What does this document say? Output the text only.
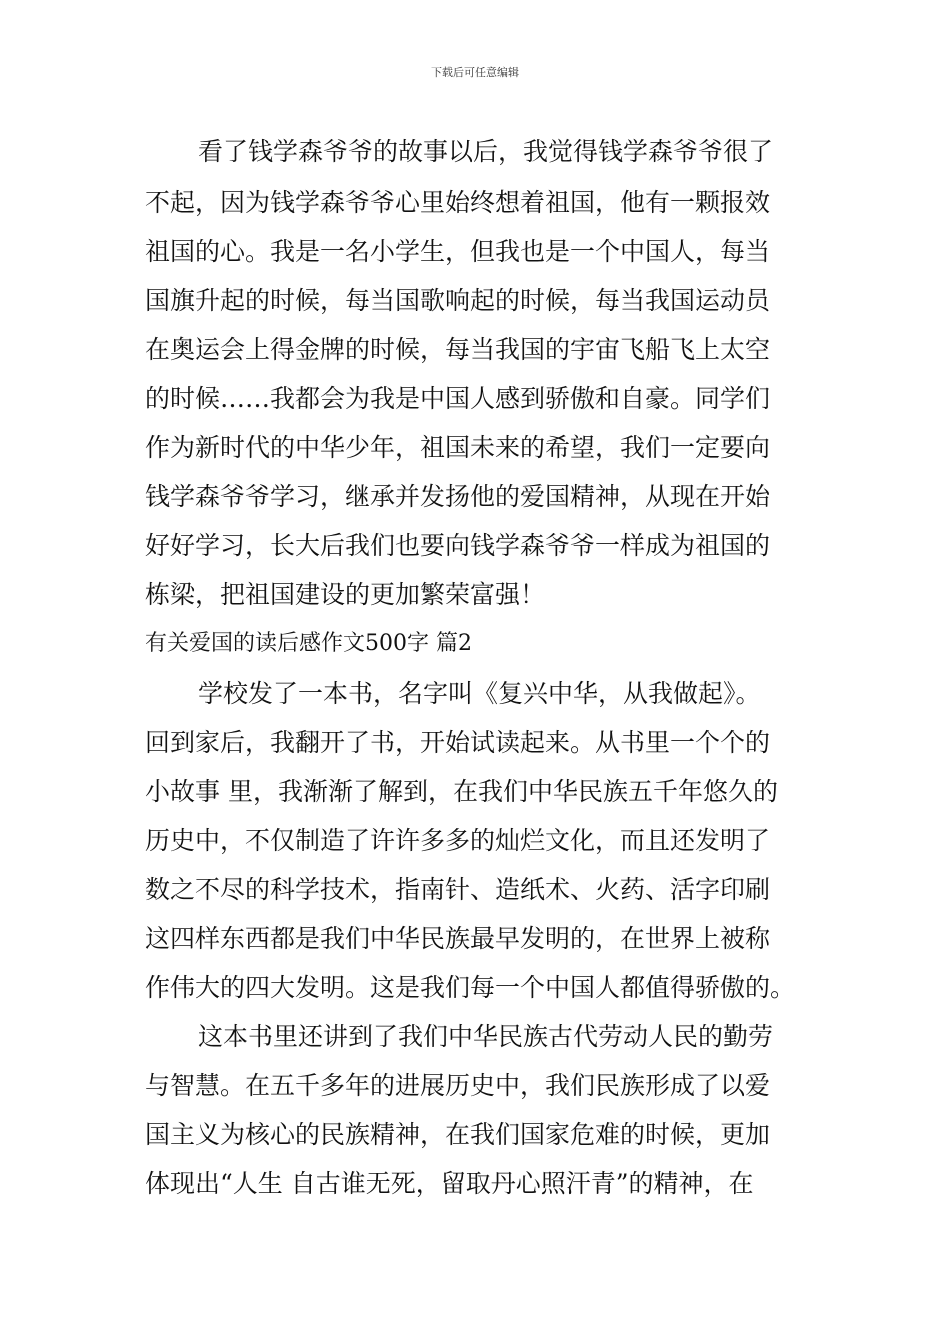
下载后可任意编辑
看了钱学森爷爷的故事以后，我觉得钱学森爷爷很了
不起，因为钱学森爷爷心里始终想着祖国，他有一颗报效
祖国的心。我是一名小学生，但我也是一个中国人，每当
国旗升起的时候，每当国歌响起的时候，每当我国运动员
在奥运会上得金牌的时候，每当我国的宇宙飞船飞上太空
的时候……我都会为我是中国人感到骄傲和自豪。同学们
作为新时代的中华少年，祖国未来的希望，我们一定要向
钱学森爷爷学习，继承并发扬他的爱国精神，从现在开始
好好学习，长大后我们也要向钱学森爷爷一样成为祖国的
栋梁，把祖国建设的更加繁荣富强！
有关爱国的读后感作文500字 篇2
学校发了一本书，名字叫《复兴中华，从我做起》。
回到家后，我翻开了书，开始试读起来。从书里一个个的
小故事 里，我渐渐了解到，在我们中华民族五千年悠久的
历史中，不仅制造了许许多多的灿烂文化，而且还发明了
数之不尽的科学技术，指南针、造纸术、火药、活字印刷
这四样东西都是我们中华民族最早发明的，在世界上被称
作伟大的四大发明。这是我们每一个中国人都值得骄傲的。
这本书里还讲到了我们中华民族古代劳动人民的勤劳
与智慧。在五千多年的进展历史中，我们民族形成了以爱
国主义为核心的民族精神，在我们国家危难的时候，更加
体现出“人生 自古谁无死，留取丹心照汗青”的精神，在
